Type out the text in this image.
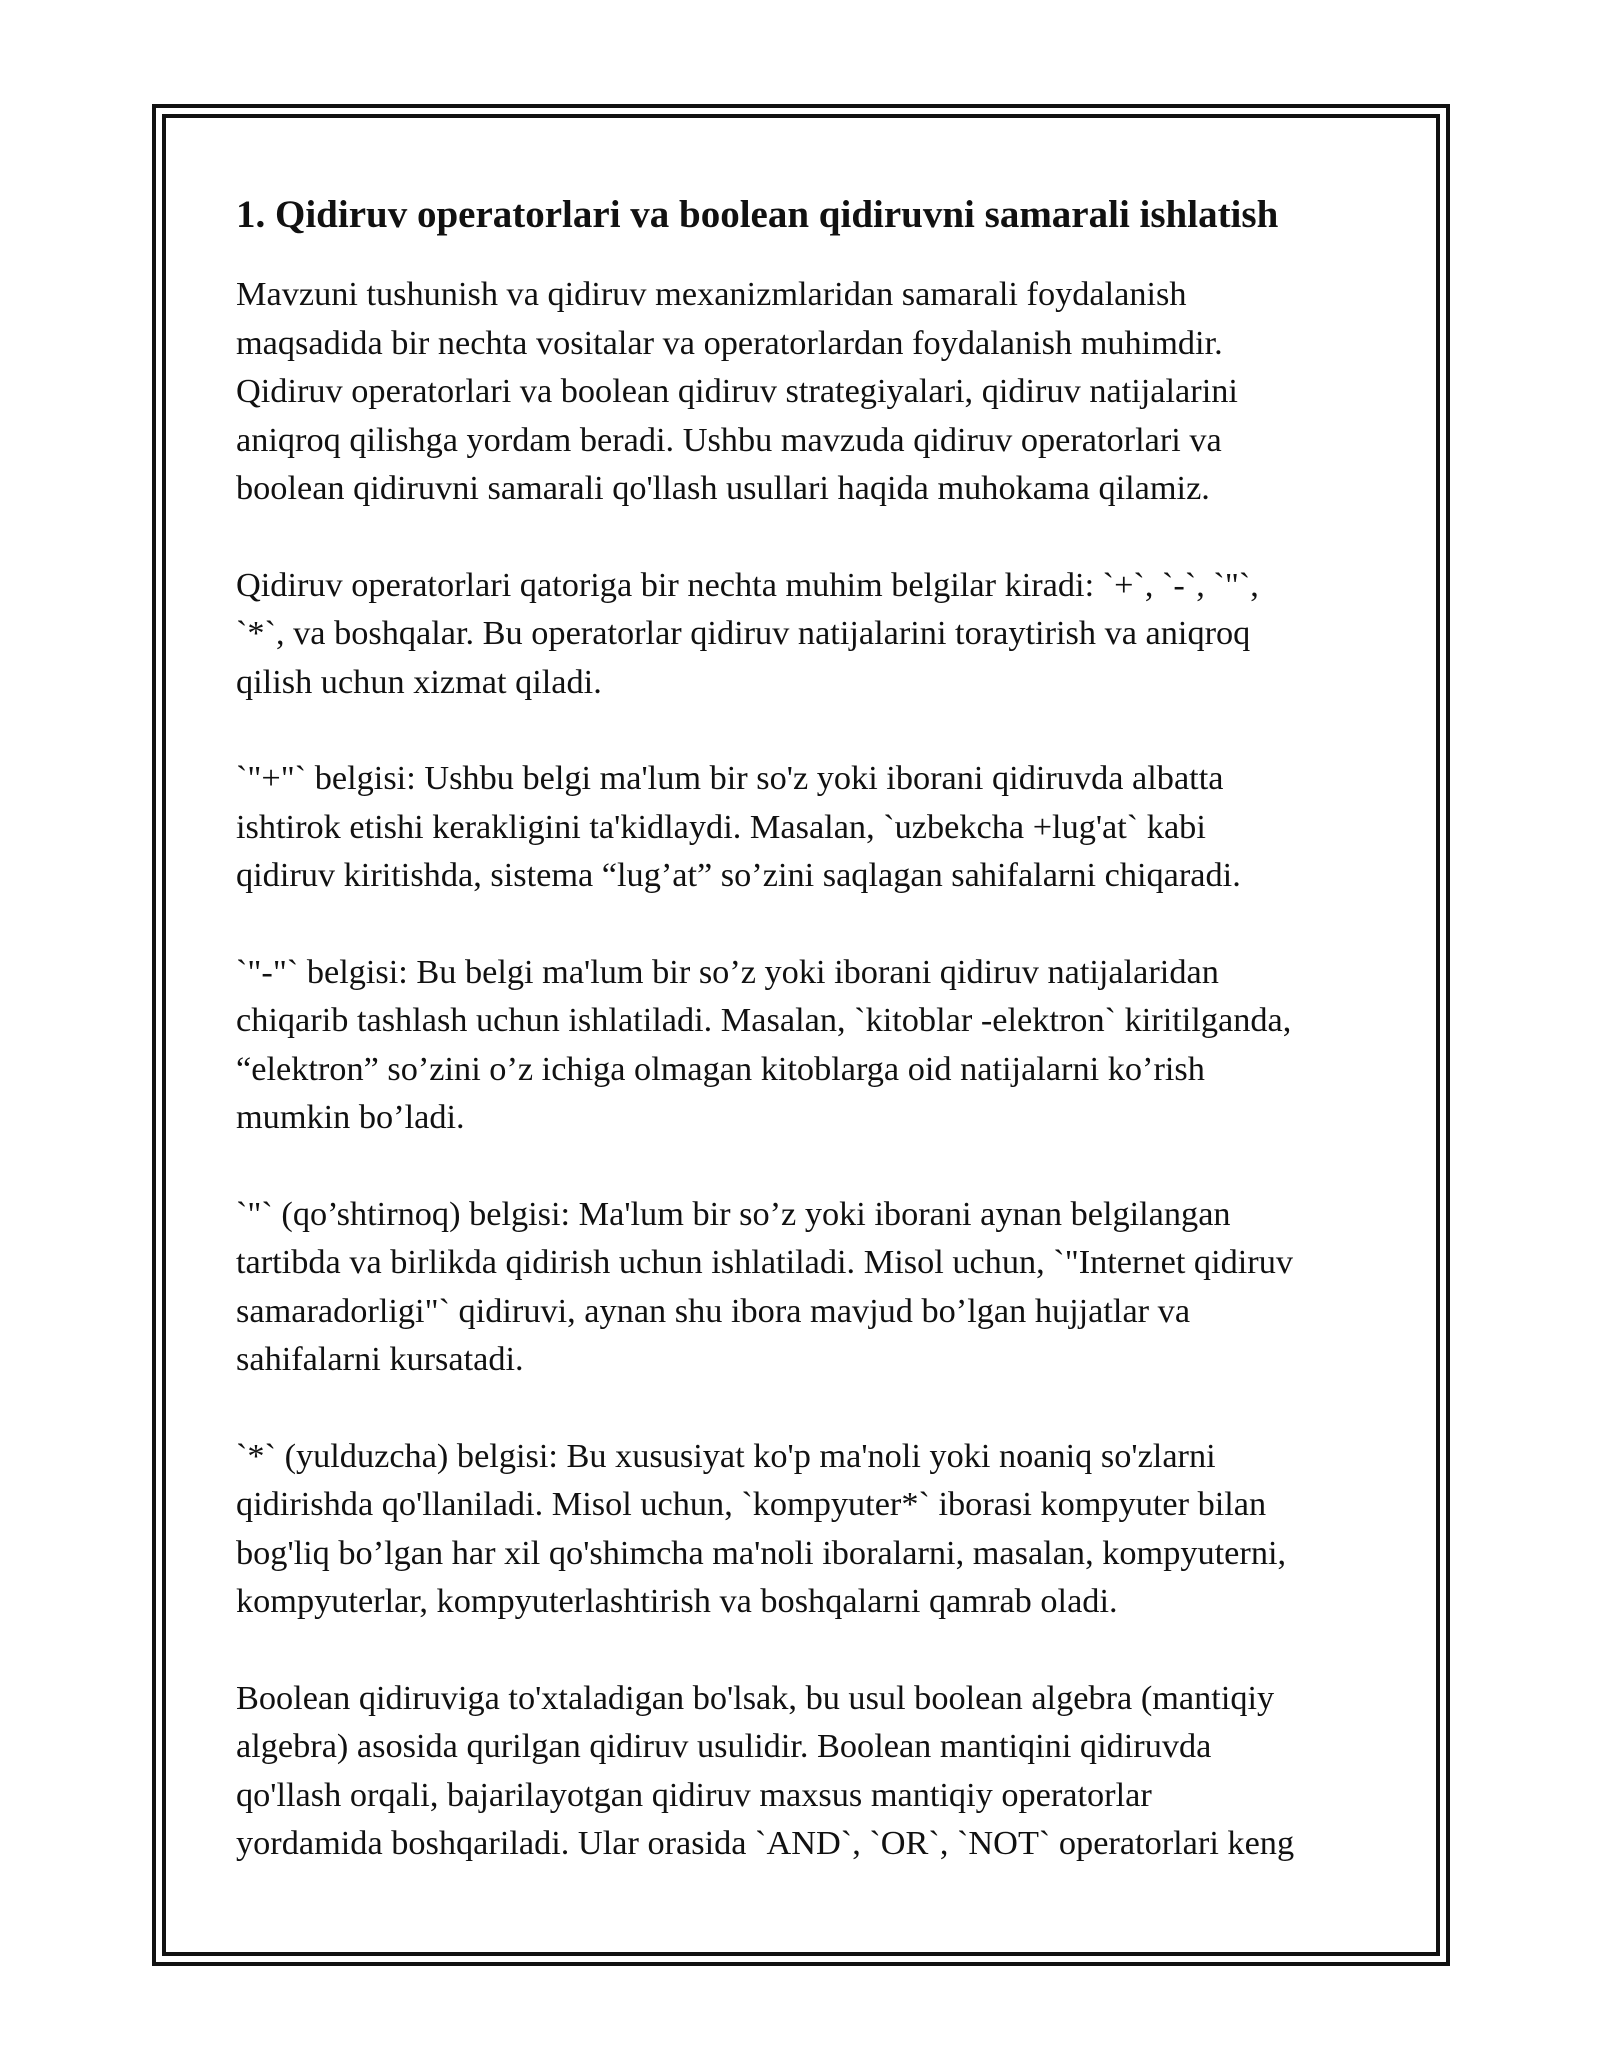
1. Qidiruv operatorlari va boolean qidiruvni samarali ishlatish

Mavzuni tushunish va qidiruv mexanizmlaridan samarali foydalanish
maqsadida bir nechta vositalar va operatorlardan foydalanish muhimdir.
Qidiruv operatorlari va boolean qidiruv strategiyalari, qidiruv natijalarini
aniqroq qilishga yordam beradi. Ushbu mavzuda qidiruv operatorlari va
boolean qidiruvni samarali qo'llash usullari haqida muhokama qilamiz.

Qidiruv operatorlari qatoriga bir nechta muhim belgilar kiradi: `+`, `-`, `"`,
`*`, va boshqalar. Bu operatorlar qidiruv natijalarini toraytirish va aniqroq
qilish uchun xizmat qiladi.

`"+"` belgisi: Ushbu belgi ma'lum bir so'z yoki iborani qidiruvda albatta
ishtirok etishi kerakligini ta'kidlaydi. Masalan, `uzbekcha +lug'at` kabi
qidiruv kiritishda, sistema “lug’at” so’zini saqlagan sahifalarni chiqaradi.

`"-"` belgisi: Bu belgi ma'lum bir so’z yoki iborani qidiruv natijalaridan
chiqarib tashlash uchun ishlatiladi. Masalan, `kitoblar -elektron` kiritilganda,
“elektron” so’zini o’z ichiga olmagan kitoblarga oid natijalarni ko’rish
mumkin bo’ladi.

`"` (qo’shtirnoq) belgisi: Ma'lum bir so’z yoki iborani aynan belgilangan
tartibda va birlikda qidirish uchun ishlatiladi. Misol uchun, `"Internet qidiruv
samaradorligi"` qidiruvi, aynan shu ibora mavjud bo’lgan hujjatlar va
sahifalarni kursatadi.

`*` (yulduzcha) belgisi: Bu xususiyat ko'p ma'noli yoki noaniq so'zlarni
qidirishda qo'llaniladi. Misol uchun, `kompyuter*` iborasi kompyuter bilan
bog'liq bo’lgan har xil qo'shimcha ma'noli iboralarni, masalan, kompyuterni,
kompyuterlar, kompyuterlashtirish va boshqalarni qamrab oladi.

Boolean qidiruviga to'xtaladigan bo'lsak, bu usul boolean algebra (mantiqiy
algebra) asosida qurilgan qidiruv usulidir. Boolean mantiqini qidiruvda
qo'llash orqali, bajarilayotgan qidiruv maxsus mantiqiy operatorlar
yordamida boshqariladi. Ular orasida `AND`, `OR`, `NOT` operatorlari keng
